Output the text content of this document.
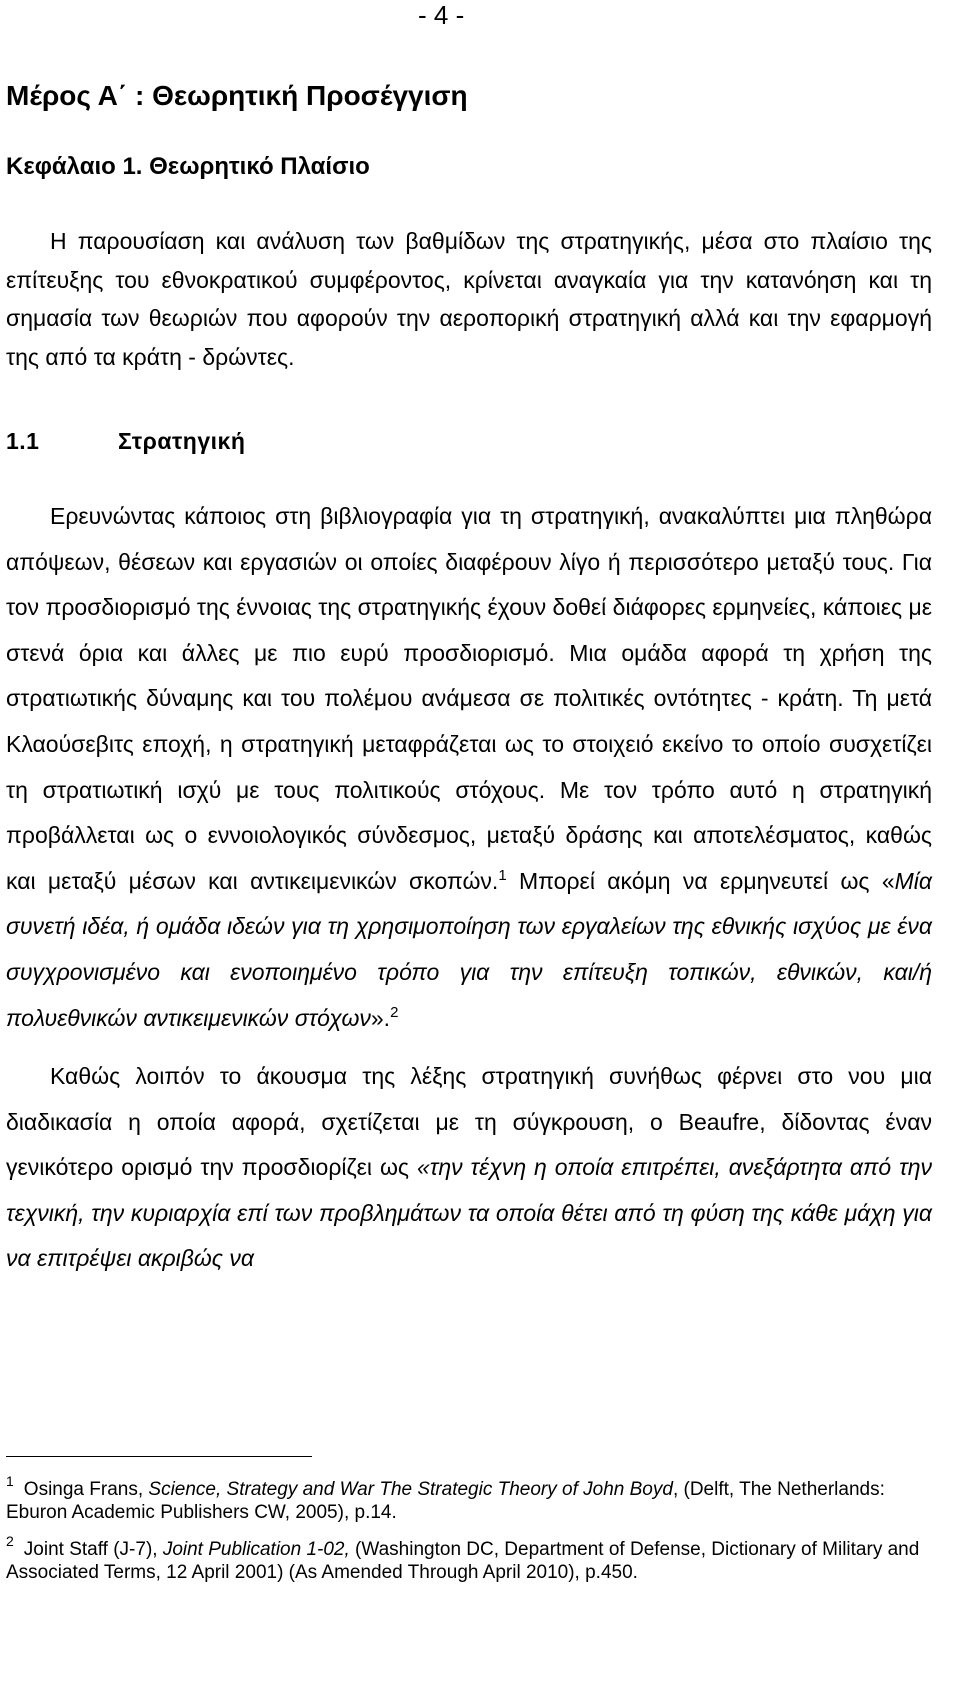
- 4 -
Μέρος Α΄ : Θεωρητική Προσέγγιση
Κεφάλαιο 1. Θεωρητικό Πλαίσιο

Η παρουσίαση και ανάλυση των βαθμίδων της στρατηγικής, μέσα στο πλαίσιο της επίτευξης του εθνοκρατικού συμφέροντος, κρίνεται αναγκαία για την κατανόηση και τη σημασία των θεωριών που αφορούν την αεροπορική στρατηγική αλλά και την εφαρμογή της από τα κράτη - δρώντες.

1.1	Στρατηγική

Ερευνώντας κάποιος στη βιβλιογραφία για τη στρατηγική, ανακαλύπτει μια πληθώρα απόψεων, θέσεων και εργασιών οι οποίες διαφέρουν λίγο ή περισσότερο μεταξύ τους. Για τον προσδιορισμό της έννοιας της στρατηγικής έχουν δοθεί διάφορες ερμηνείες, κάποιες με στενά όρια και άλλες με πιο ευρύ προσδιορισμό. Μια ομάδα αφορά τη χρήση της στρατιωτικής δύναμης και του πολέμου ανάμεσα σε πολιτικές οντότητες - κράτη. Τη μετά Κλαούσεβιτς εποχή, η στρατηγική μεταφράζεται ως το στοιχειό εκείνο το οποίο συσχετίζει τη στρατιωτική ισχύ με τους πολιτικούς στόχους. Με τον τρόπο αυτό η στρατηγική προβάλλεται ως ο εννοιολογικός σύνδεσμος, μεταξύ δράσης και αποτελέσματος, καθώς και μεταξύ μέσων και αντικειμενικών σκοπών.$^1$ Μπορεί ακόμη να ερμηνευτεί ως «Μία συνετή ιδέα, ή ομάδα ιδεών για τη χρησιμοποίηση των εργαλείων της εθνικής ισχύος με ένα συγχρονισμένο και ενοποιημένο τρόπο για την επίτευξη τοπικών, εθνικών, και/ή πολυεθνικών αντικειμενικών στόχων».$^2$

Καθώς λοιπόν το άκουσμα της λέξης στρατηγική συνήθως φέρνει στο νου μια διαδικασία η οποία αφορά, σχετίζεται με τη σύγκρουση, ο Beaufre, δίδοντας έναν γενικότερο ορισμό την προσδιορίζει ως «την τέχνη η οποία επιτρέπει, ανεξάρτητα από την τεχνική, την κυριαρχία επί των προβλημάτων τα οποία θέτει από τη φύση της κάθε μάχη για να επιτρέψει ακριβώς να

$^1$ Osinga Frans, Science, Strategy and War The Strategic Theory of John Boyd, (Delft, The Netherlands: Eburon Academic Publishers CW, 2005), p.14.

$^2$ Joint Staff (J-7), Joint Publication 1-02, (Washington DC, Department of Defense, Dictionary of Military and Associated Terms, 12 April 2001) (As Amended Through April 2010), p.450.
